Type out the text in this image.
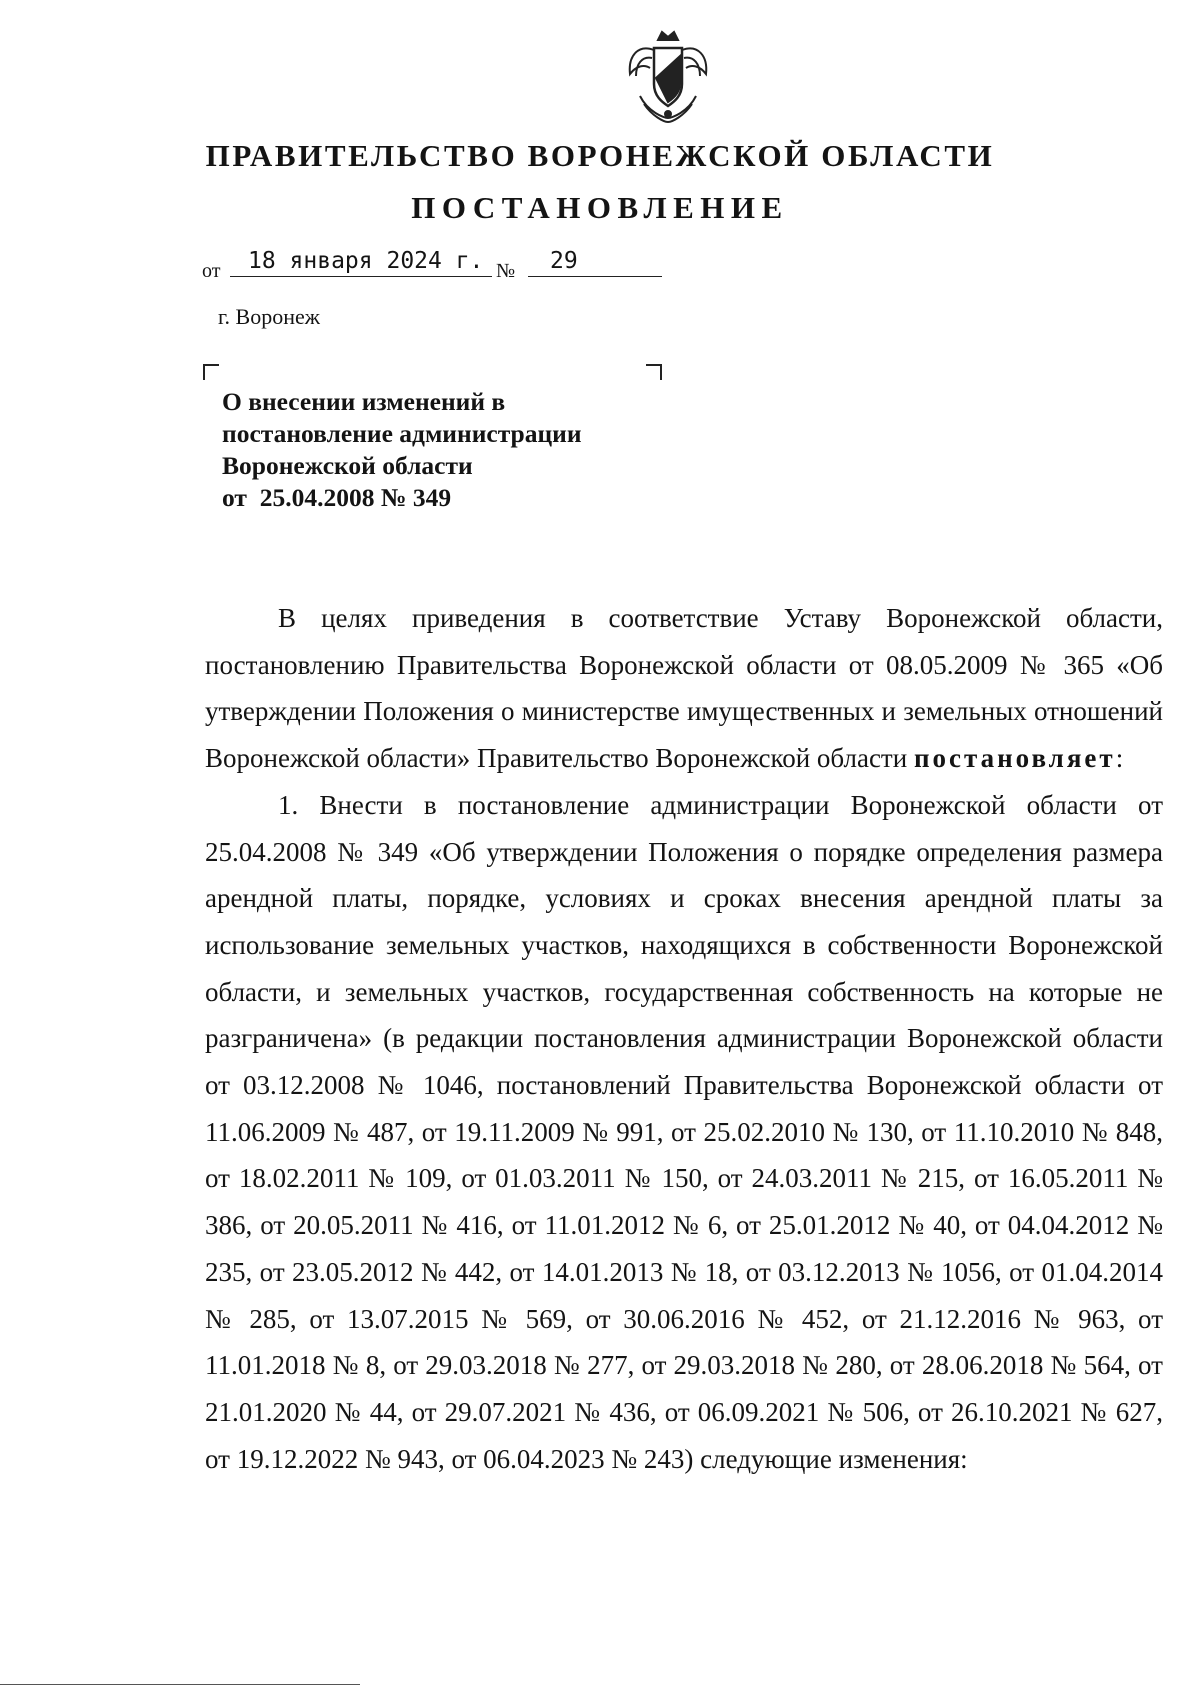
ПРАВИТЕЛЬСТВО ВОРОНЕЖСКОЙ ОБЛАСТИ
ПОСТАНОВЛЕНИЕ
от 18 января 2024 г. № 29
г. Воронеж
О внесении изменений в
постановление администрации
Воронежской области
от  25.04.2008 № 349

В целях приведения в соответствие Уставу Воронежской области, постановлению Правительства Воронежской области от 08.05.2009 № 365 «Об утверждении Положения о министерстве имущественных и земельных отношений Воронежской области» Правительство Воронежской области постановляет:

1. Внести в постановление администрации Воронежской области от 25.04.2008 № 349 «Об утверждении Положения о порядке определения размера арендной платы, порядке, условиях и сроках внесения арендной платы за использование земельных участков, находящихся в собственности Воронежской области, и земельных участков, государственная собственность на которые не разграничена» (в редакции постановления администрации Воронежской области от 03.12.2008 № 1046, постановлений Правительства Воронежской области от 11.06.2009 № 487, от 19.11.2009 № 991, от 25.02.2010 № 130, от 11.10.2010 № 848, от 18.02.2011 № 109, от 01.03.2011 № 150, от 24.03.2011 № 215, от 16.05.2011 № 386, от 20.05.2011 № 416, от 11.01.2012 № 6, от 25.01.2012 № 40, от 04.04.2012 № 235, от 23.05.2012 № 442, от 14.01.2013 № 18, от 03.12.2013 № 1056, от 01.04.2014 № 285, от 13.07.2015 № 569, от 30.06.2016 № 452, от 21.12.2016 № 963, от 11.01.2018 № 8, от 29.03.2018 № 277, от 29.03.2018 № 280, от 28.06.2018 № 564, от 21.01.2020 № 44, от 29.07.2021 № 436, от 06.09.2021 № 506, от 26.10.2021 № 627, от 19.12.2022 № 943, от 06.04.2023 № 243) следующие изменения:
